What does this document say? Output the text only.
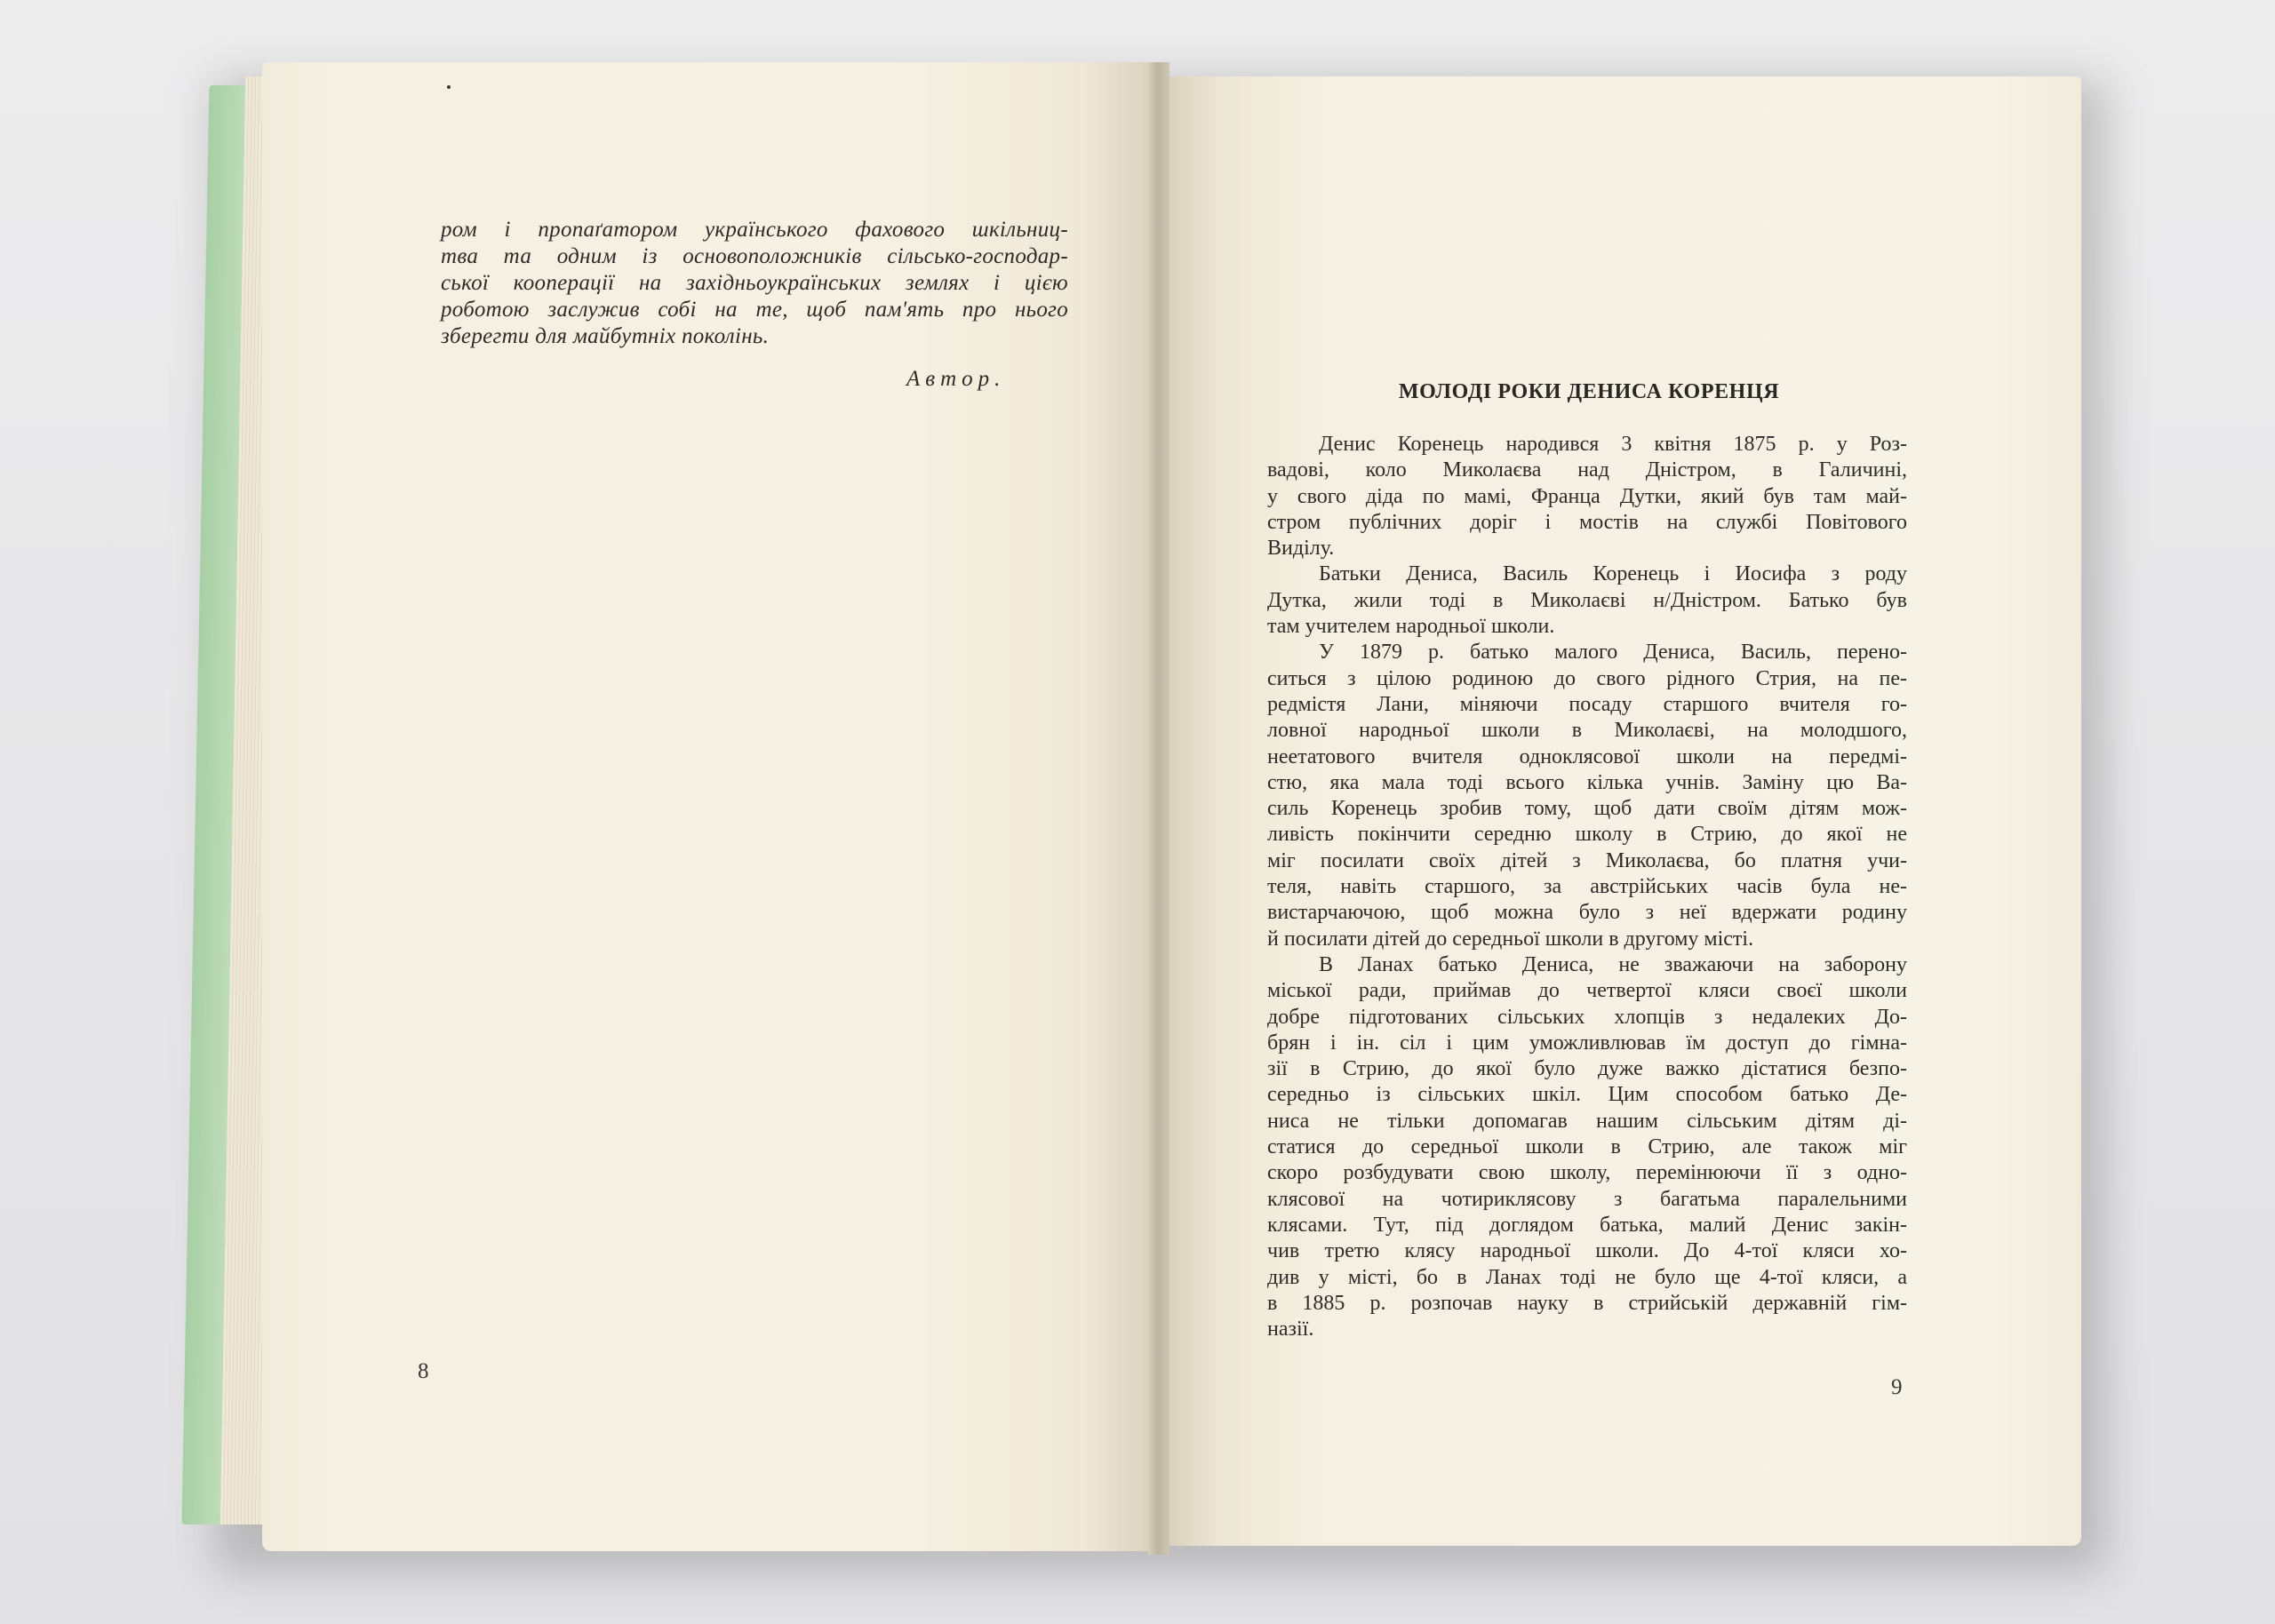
ром і пропаґатором українського фахового шкільниц-
тва та одним із основоположників сільсько-господар-
ської кооперації на західньоукраїнських землях і цією
роботою заслужив собі на те, щоб пам'ять про нього
зберегти для майбутніх поколінь.
Автор.
8
МОЛОДІ РОКИ ДЕНИСА КОРЕНЦЯ
Денис Коренець народився 3 квітня 1875 р. у Роз-
вадові, коло Миколаєва над Дністром, в Галичині,
у свого діда по мамі, Франца Дутки, який був там май-
стром публічних доріг і мостів на службі Повітового
Виділу.
Батьки Дениса, Василь Коренець і Иосифа з роду
Дутка, жили тоді в Миколаєві н/Дністром. Батько був
там учителем народньої школи.
У 1879 р. батько малого Дениса, Василь, перено-
ситься з цілою родиною до свого рідного Стрия, на пе-
редмістя Лани, міняючи посаду старшого вчителя го-
ловної народньої школи в Миколаєві, на молодшого,
неетатового вчителя одноклясової школи на передмі-
стю, яка мала тоді всього кілька учнів. Заміну цю Ва-
силь Коренець зробив тому, щоб дати своїм дітям мож-
ливість покінчити середню школу в Стрию, до якої не
міг посилати своїх дітей з Миколаєва, бо платня учи-
теля, навіть старшого, за австрійських часів була не-
вистарчаючою, щоб можна було з неї вдержати родину
й посилати дітей до середньої школи в другому місті.
В Ланах батько Дениса, не зважаючи на заборону
міської ради, приймав до четвертої кляси своєї школи
добре підготованих сільських хлопців з недалеких До-
брян і ін. сіл і цим уможливлював їм доступ до гімна-
зії в Стрию, до якої було дуже важко дістатися безпо-
середньо із сільських шкіл. Цим способом батько Де-
ниса не тільки допомагав нашим сільським дітям ді-
статися до середньої школи в Стрию, але також міг
скоро розбудувати свою школу, перемінюючи її з одно-
клясової на чотириклясову з багатьма паралельними
клясами. Тут, під доглядом батька, малий Денис закін-
чив третю клясу народньої школи. До 4-тої кляси хо-
див у місті, бо в Ланах тоді не було ще 4-тої кляси, а
в 1885 р. розпочав науку в стрийській державній гім-
назії.
9
